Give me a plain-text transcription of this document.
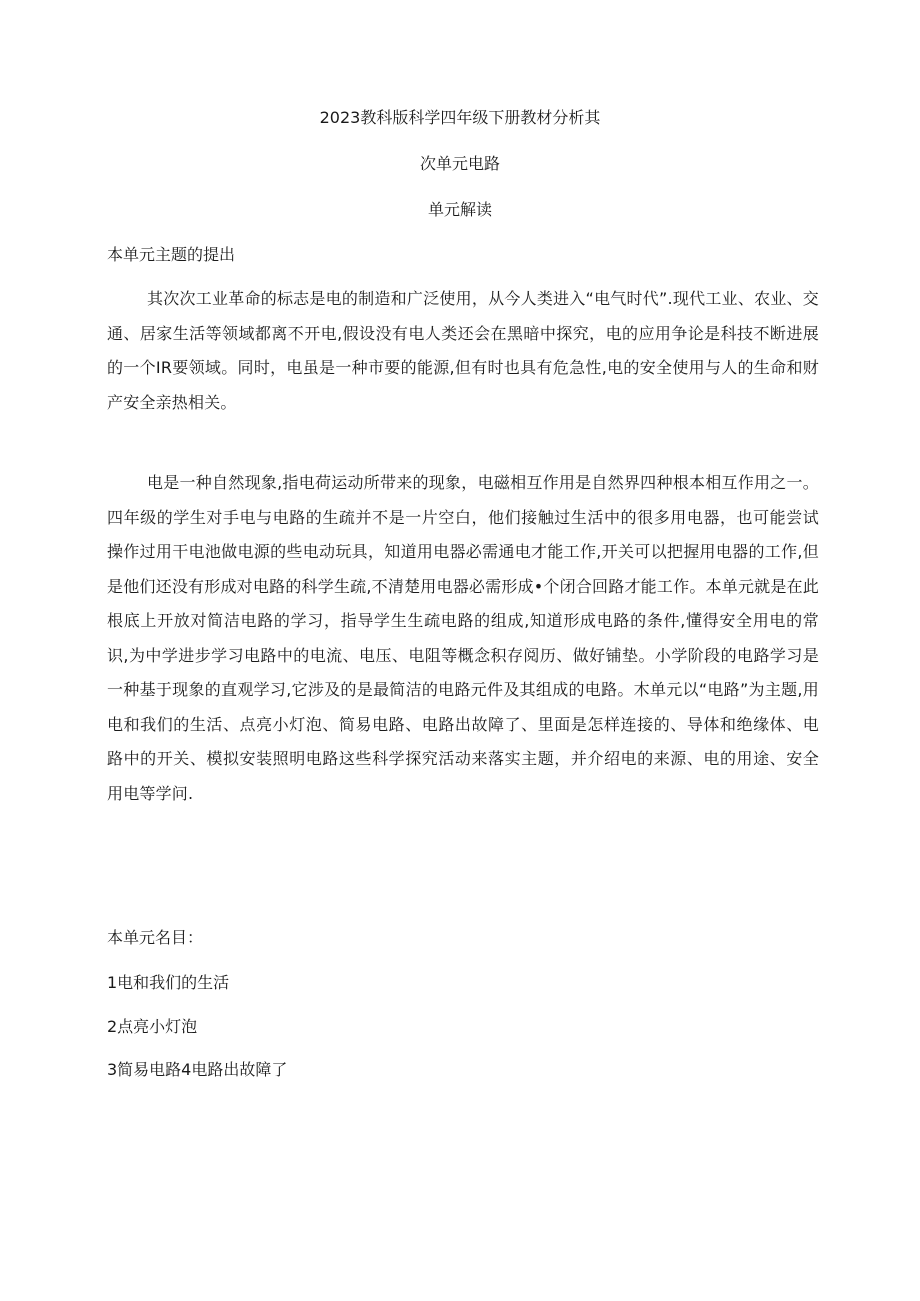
2023教科版科学四年级下册教材分析其
次单元电路
单元解读
本单元主题的提出
其次次工业革命的标志是电的制造和广泛使用，从今人类进入“电气时代”.现代工业、农业、交通、居家生活等领域都离不开电,假设没有电人类还会在黑暗中探究，电的应用争论是科技不断进展的一个IR要领域。同时，电虽是一种市要的能源,但有时也具有危急性,电的安全使用与人的生命和财产安全亲热相关。
电是一种自然现象,指电荷运动所带来的现象，电磁相互作用是自然界四种根本相互作用之一。四年级的学生对手电与电路的生疏并不是一片空白，他们接触过生活中的很多用电器，也可能尝试操作过用干电池做电源的些电动玩具，知道用电器必需通电才能工作,开关可以把握用电器的工作,但是他们还没有形成对电路的科学生疏,不清楚用电器必需形成•个闭合回路才能工作。本单元就是在此根底上开放对简洁电路的学习，指导学生生疏电路的组成,知道形成电路的条件,懂得安全用电的常识,为中学进步学习电路中的电流、电压、电阻等概念积存阅历、做好铺垫。小学阶段的电路学习是一种基于现象的直观学习,它涉及的是最简洁的电路元件及其组成的电路。木单元以“电路”为主题,用电和我们的生活、点亮小灯泡、简易电路、电路出故障了、里面是怎样连接的、导体和绝缘体、电路中的开关、模拟安装照明电路这些科学探究活动来落实主题，并介绍电的来源、电的用途、安全用电等学问.
本单元名目：
1电和我们的生活
2点亮小灯泡
3简易电路4电路出故障了
